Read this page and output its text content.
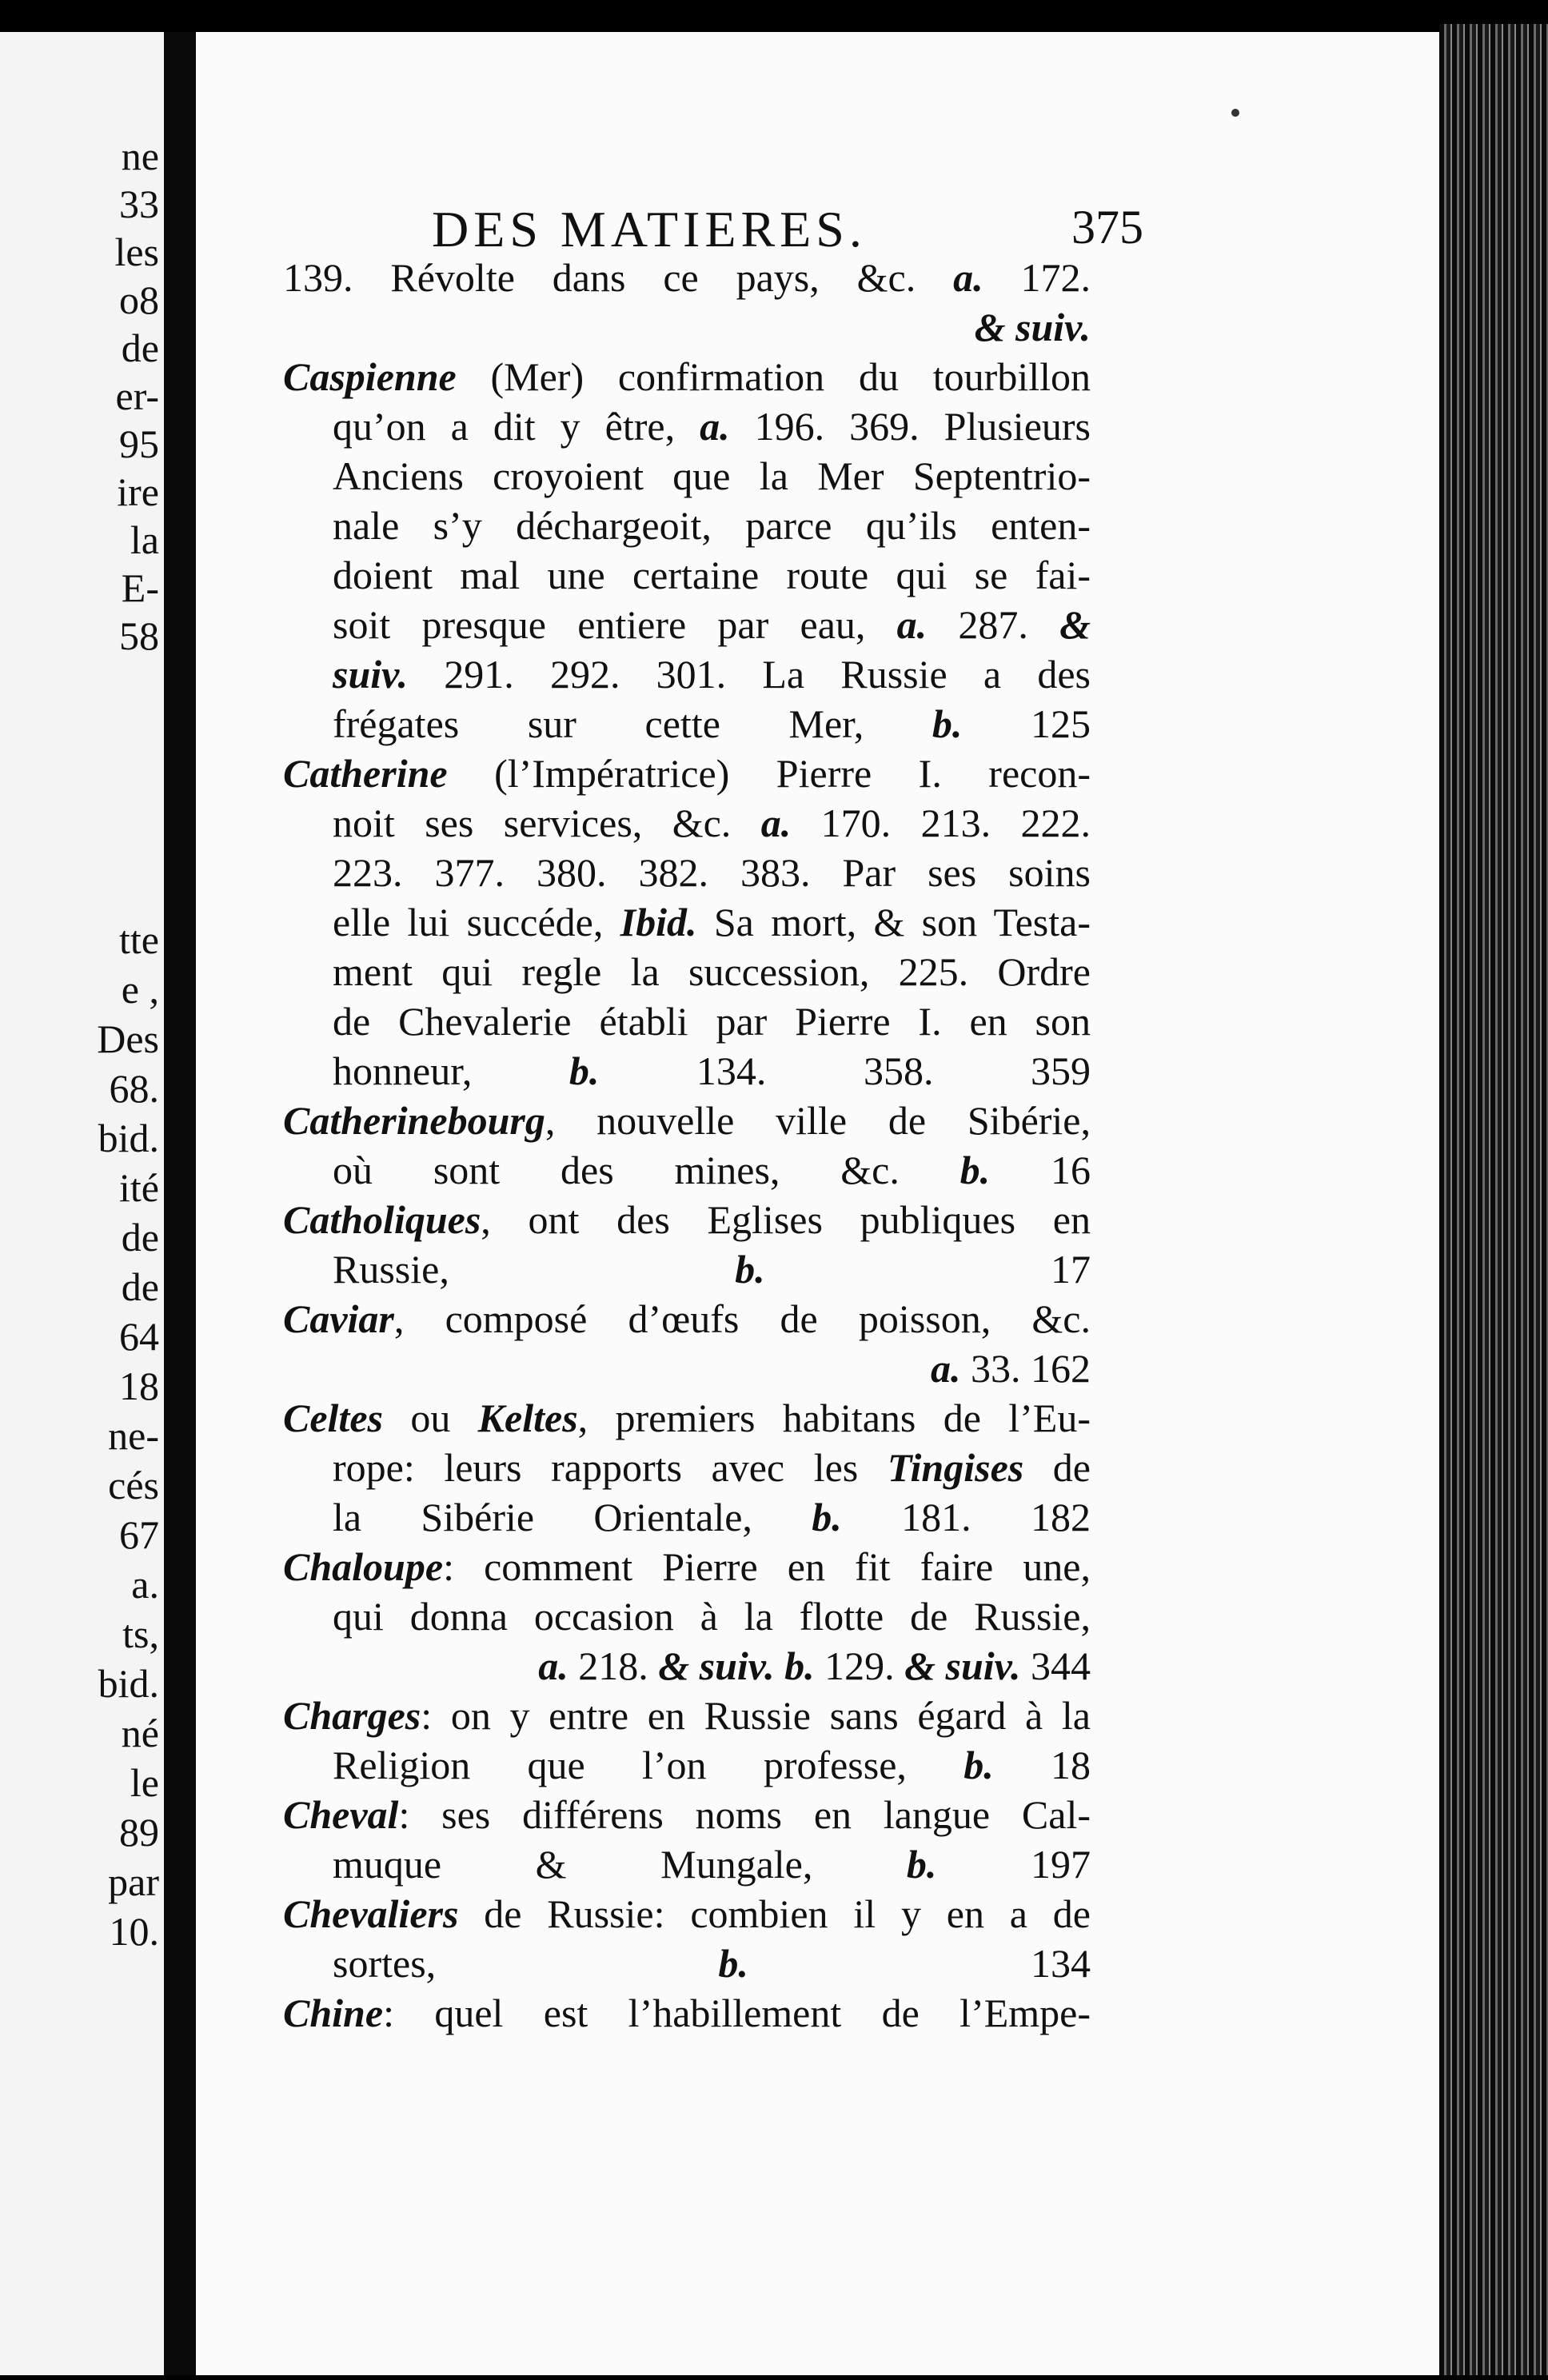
ne
33
les
o8
de
er-
95
ire
la
E-
58
tte
e ,
Des
68.
bid.
ité
de
de
64
18
ne-
cés
67
a.
ts,
bid.
né
le
89
par
10.
DES MATIERES.	375
139. Révolte dans ce pays, &c. a. 172.
& suiv.
Caspienne (Mer) confirmation du tourbillon
qu’on a dit y être, a. 196. 369. Plusieurs
Anciens croyoient que la Mer Septentrio-
nale s’y déchargeoit, parce qu’ils enten-
doient mal une certaine route qui se fai-
soit presque entiere par eau, a. 287. &
suiv. 291. 292. 301. La Russie a des
frégates sur cette Mer, b. 125
Catherine (l’Impératrice) Pierre I. recon-
noit ses services, &c. a. 170. 213. 222.
223. 377. 380. 382. 383. Par ses soins
elle lui succéde, Ibid. Sa mort, & son Testa-
ment qui regle la succession, 225. Ordre
de Chevalerie établi par Pierre I. en son
honneur, b. 134. 358. 359
Catherinebourg, nouvelle ville de Sibérie,
où sont des mines, &c. b. 16
Catholiques, ont des Eglises publiques en
Russie, b. 17
Caviar, composé d’œufs de poisson, &c.
a. 33. 162
Celtes ou Keltes, premiers habitans de l’Eu-
rope: leurs rapports avec les Tingises de
la Sibérie Orientale, b. 181. 182
Chaloupe: comment Pierre en fit faire une,
qui donna occasion à la flotte de Russie,
a. 218. & suiv. b. 129. & suiv. 344
Charges: on y entre en Russie sans égard à la
Religion que l’on professe, b. 18
Cheval: ses différens noms en langue Cal-
muque & Mungale, b. 197
Chevaliers de Russie: combien il y en a de
sortes, b. 134
Chine: quel est l’habillement de l’Empe-
